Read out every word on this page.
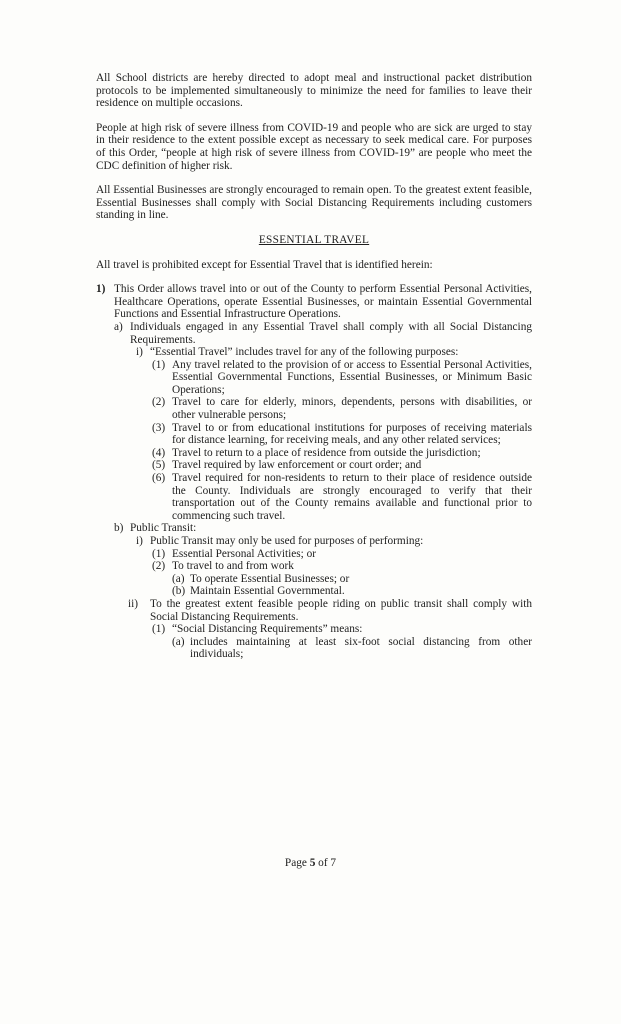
All School districts are hereby directed to adopt meal and instructional packet distribution protocols to be implemented simultaneously to minimize the need for families to leave their residence on multiple occasions.

People at high risk of severe illness from COVID-19 and people who are sick are urged to stay in their residence to the extent possible except as necessary to seek medical care. For purposes of this Order, “people at high risk of severe illness from COVID-19” are people who meet the CDC definition of higher risk.

All Essential Businesses are strongly encouraged to remain open. To the greatest extent feasible, Essential Businesses shall comply with Social Distancing Requirements including customers standing in line.

ESSENTIAL TRAVEL

All travel is prohibited except for Essential Travel that is identified herein:

1) This Order allows travel into or out of the County to perform Essential Personal Activities, Healthcare Operations, operate Essential Businesses, or maintain Essential Governmental Functions and Essential Infrastructure Operations.
a) Individuals engaged in any Essential Travel shall comply with all Social Distancing Requirements.
i) “Essential Travel” includes travel for any of the following purposes:
(1) Any travel related to the provision of or access to Essential Personal Activities, Essential Governmental Functions, Essential Businesses, or Minimum Basic Operations;
(2) Travel to care for elderly, minors, dependents, persons with disabilities, or other vulnerable persons;
(3) Travel to or from educational institutions for purposes of receiving materials for distance learning, for receiving meals, and any other related services;
(4) Travel to return to a place of residence from outside the jurisdiction;
(5) Travel required by law enforcement or court order; and
(6) Travel required for non-residents to return to their place of residence outside the County. Individuals are strongly encouraged to verify that their transportation out of the County remains available and functional prior to commencing such travel.
b) Public Transit:
i) Public Transit may only be used for purposes of performing:
(1) Essential Personal Activities; or
(2) To travel to and from work
(a) To operate Essential Businesses; or
(b) Maintain Essential Governmental.
ii)	To the greatest extent feasible people riding on public transit shall comply with Social Distancing Requirements.
(1) “Social Distancing Requirements” means:
(a) includes maintaining at least six-foot social distancing from other individuals;
Page 5 of 7
